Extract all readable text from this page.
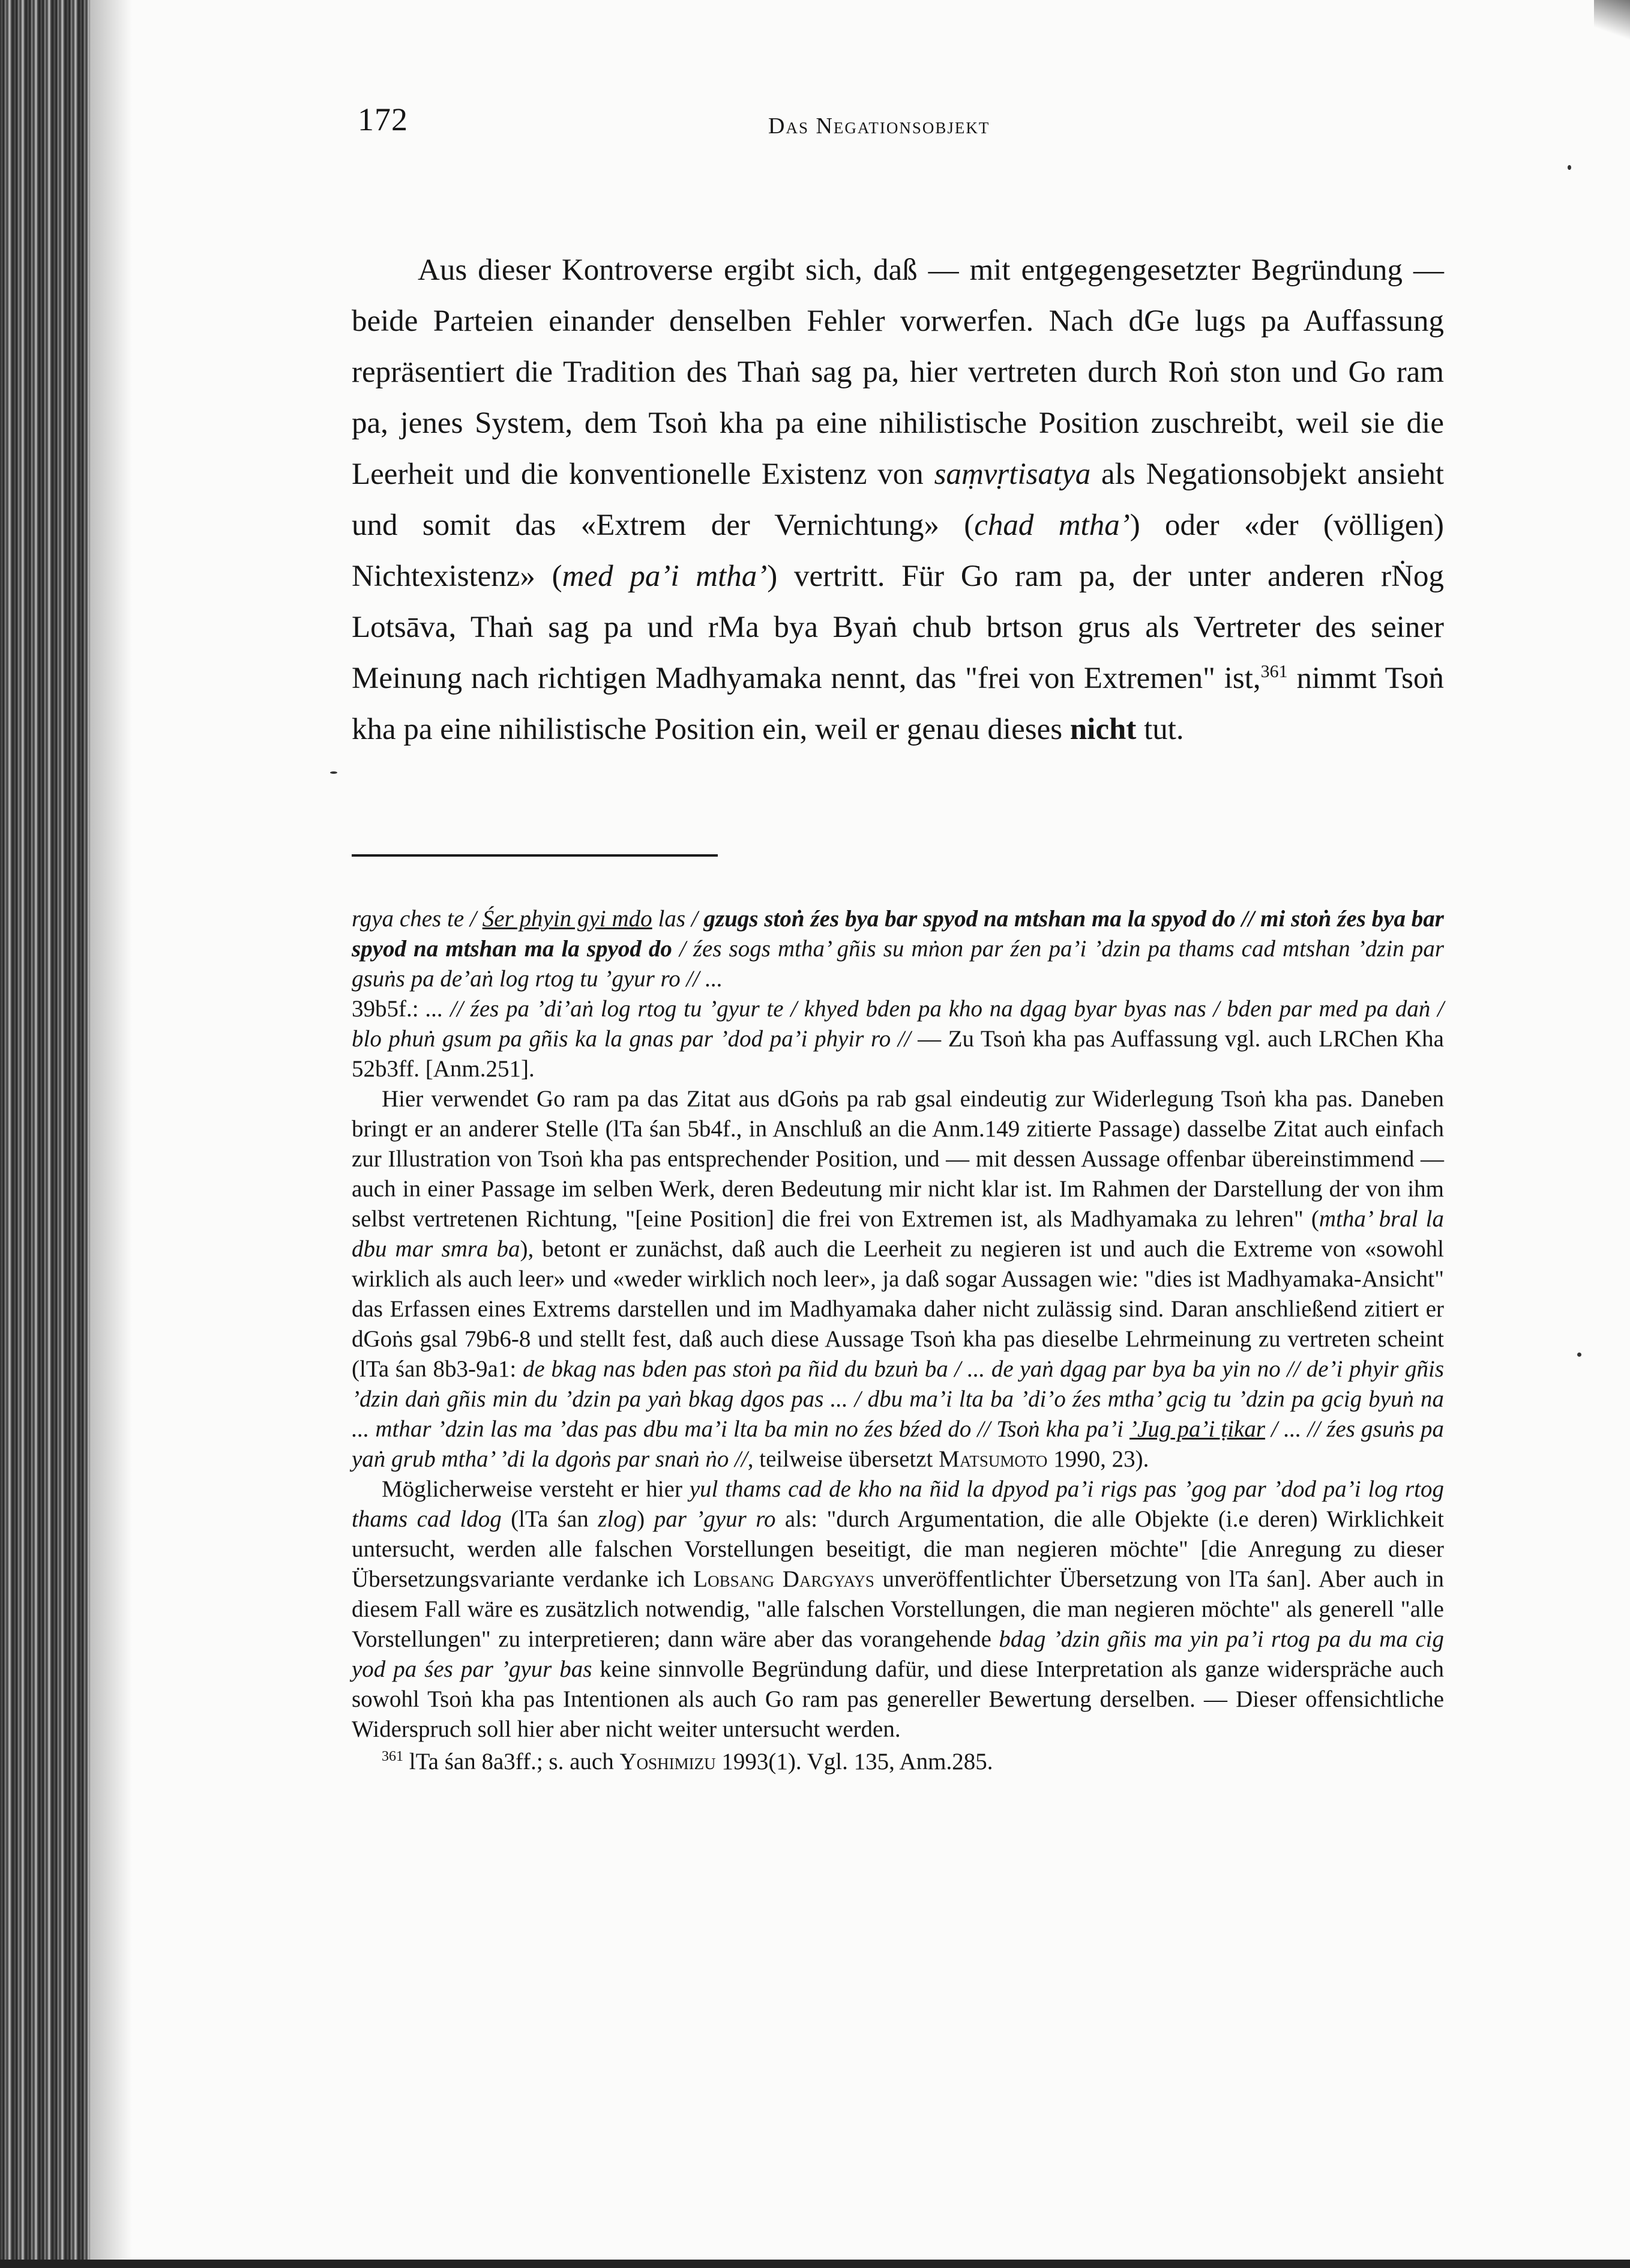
172	Das Negationsobjekt

Aus dieser Kontroverse ergibt sich, daß — mit entgegengesetzter Begründung — beide Parteien einander denselben Fehler vorwerfen. Nach dGe lugs pa Auffassung repräsentiert die Tradition des Thaṅ sag pa, hier vertreten durch Roṅ ston und Go ram pa, jenes System, dem Tsoṅ kha pa eine nihilistische Position zuschreibt, weil sie die Leerheit und die konventionelle Existenz von saṃvṛtisatya als Negationsobjekt ansieht und somit das «Extrem der Vernichtung» (chad mtha’) oder «der (völligen) Nichtexistenz» (med pa’i mtha’) vertritt. Für Go ram pa, der unter anderen rṄog Lotsāva, Thaṅ sag pa und rMa bya Byaṅ chub brtson grus als Vertreter des seiner Meinung nach richtigen Madhyamaka nennt, das "frei von Extremen" ist,$^{361}$ nimmt Tsoṅ kha pa eine nihilistische Position ein, weil er genau dieses nicht tut.

rgya ches te / Śer phyin gyi mdo las / gzugs stoṅ źes bya bar spyod na mtshan ma la spyod do // mi stoṅ źes bya bar spyod na mtshan ma la spyod do / źes sogs mtha’ gñis su mṅon par źen pa’i ’dzin pa thams cad mtshan ’dzin par gsuṅs pa de’aṅ log rtog tu ’gyur ro // ...

39b5f.: ... // źes pa ’di’aṅ log rtog tu ’gyur te / khyed bden pa kho na dgag byar byas nas / bden par med pa daṅ / blo phuṅ gsum pa gñis ka la gnas par ’dod pa’i phyir ro // — Zu Tsoṅ kha pas Auffassung vgl. auch LRChen Kha 52b3ff. [Anm.251].

Hier verwendet Go ram pa das Zitat aus dGoṅs pa rab gsal eindeutig zur Widerlegung Tsoṅ kha pas. Daneben bringt er an anderer Stelle (lTa śan 5b4f., in Anschluß an die Anm.149 zitierte Passage) dasselbe Zitat auch einfach zur Illustration von Tsoṅ kha pas entsprechender Position, und — mit dessen Aussage offenbar übereinstimmend — auch in einer Passage im selben Werk, deren Bedeutung mir nicht klar ist. Im Rahmen der Darstellung der von ihm selbst vertretenen Richtung, "[eine Position] die frei von Extremen ist, als Madhyamaka zu lehren" (mtha’ bral la dbu mar smra ba), betont er zunächst, daß auch die Leerheit zu negieren ist und auch die Extreme von «sowohl wirklich als auch leer» und «weder wirklich noch leer», ja daß sogar Aussagen wie: "dies ist Madhyamaka-Ansicht" das Erfassen eines Extrems darstellen und im Madhyamaka daher nicht zulässig sind. Daran anschließend zitiert er dGoṅs gsal 79b6-8 und stellt fest, daß auch diese Aussage Tsoṅ kha pas dieselbe Lehrmeinung zu vertreten scheint (lTa śan 8b3-9a1: de bkag nas bden pas stoṅ pa ñid du bzuṅ ba / ... de yaṅ dgag par bya ba yin no // de’i phyir gñis ’dzin daṅ gñis min du ’dzin pa yaṅ bkag dgos pas ... / dbu ma’i lta ba ’di’o źes mtha’ gcig tu ’dzin pa gcig byuṅ na ... mthar ’dzin las ma ’das pas dbu ma’i lta ba min no źes bźed do // Tsoṅ kha pa’i ’Jug pa’i ṭikar / ... // źes gsuṅs pa yaṅ grub mtha’ ’di la dgoṅs par snaṅ ṅo //, teilweise übersetzt Matsumoto 1990, 23).

Möglicherweise versteht er hier yul thams cad de kho na ñid la dpyod pa’i rigs pas ’gog par ’dod pa’i log rtog thams cad ldog (lTa śan zlog) par ’gyur ro als: "durch Argumentation, die alle Objekte (i.e deren) Wirklichkeit untersucht, werden alle falschen Vorstellungen beseitigt, die man negieren möchte" [die Anregung zu dieser Übersetzungsvariante verdanke ich Lobsang Dargyays unveröffentlichter Übersetzung von lTa śan]. Aber auch in diesem Fall wäre es zusätzlich notwendig, "alle falschen Vorstellungen, die man negieren möchte" als generell "alle Vorstellungen" zu interpretieren; dann wäre aber das vorangehende bdag ’dzin gñis ma yin pa’i rtog pa du ma cig yod pa śes par ’gyur bas keine sinnvolle Begründung dafür, und diese Interpretation als ganze widerspräche auch sowohl Tsoṅ kha pas Intentionen als auch Go ram pas genereller Bewertung derselben. — Dieser offensichtliche Widerspruch soll hier aber nicht weiter untersucht werden.

$^{361}$ lTa śan 8a3ff.; s. auch Yoshimizu 1993(1). Vgl. 135, Anm.285.
